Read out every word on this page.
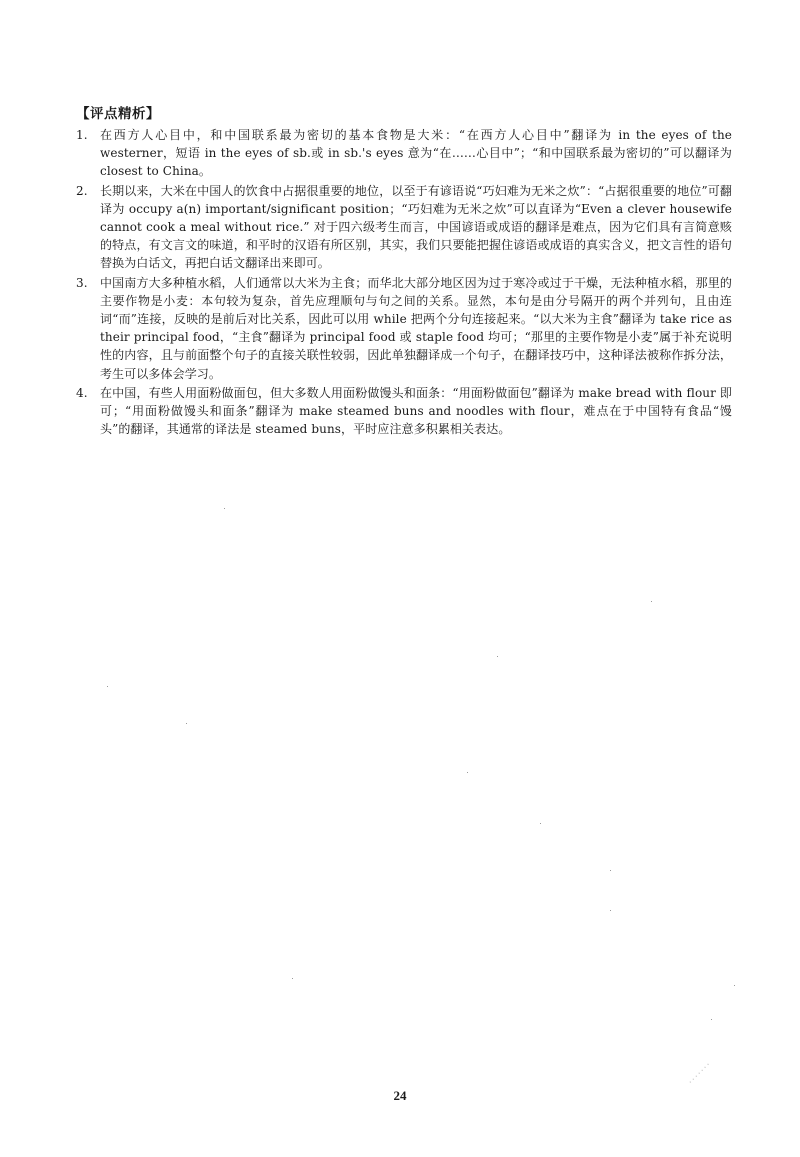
【评点精析】
1.	在西方人心目中，和中国联系最为密切的基本食物是大米：“在西方人心目中”翻译为 in the eyes of the westerner，短语 in the eyes of sb.或 in sb.'s eyes 意为“在……心目中”；“和中国联系最为密切的”可以翻译为 closest to China。
2.	长期以来，大米在中国人的饮食中占据很重要的地位，以至于有谚语说“巧妇难为无米之炊”：“占据很重要的地位”可翻译为 occupy a(n) important/significant position；“巧妇难为无米之炊”可以直译为“Even a clever housewife cannot cook a meal without rice.” 对于四六级考生而言，中国谚语或成语的翻译是难点，因为它们具有言简意赅的特点，有文言文的味道，和平时的汉语有所区别，其实，我们只要能把握住谚语或成语的真实含义，把文言性的语句替换为白话文，再把白话文翻译出来即可。
3.	中国南方大多种植水稻，人们通常以大米为主食；而华北大部分地区因为过于寒冷或过于干燥，无法种植水稻，那里的主要作物是小麦：本句较为复杂，首先应理顺句与句之间的关系。显然，本句是由分号隔开的两个并列句，且由连词“而”连接，反映的是前后对比关系，因此可以用 while 把两个分句连接起来。“以大米为主食”翻译为 take rice as their principal food，“主食”翻译为 principal food 或 staple food 均可；“那里的主要作物是小麦”属于补充说明性的内容，且与前面整个句子的直接关联性较弱，因此单独翻译成一个句子，在翻译技巧中，这种译法被称作拆分法，考生可以多体会学习。
4.	在中国，有些人用面粉做面包，但大多数人用面粉做馒头和面条：“用面粉做面包”翻译为 make bread with flour 即可；“用面粉做馒头和面条”翻译为 make steamed buns and noodles with flour，难点在于中国特有食品“馒头”的翻译，其通常的译法是 steamed buns，平时应注意多积累相关表达。
24
·······
